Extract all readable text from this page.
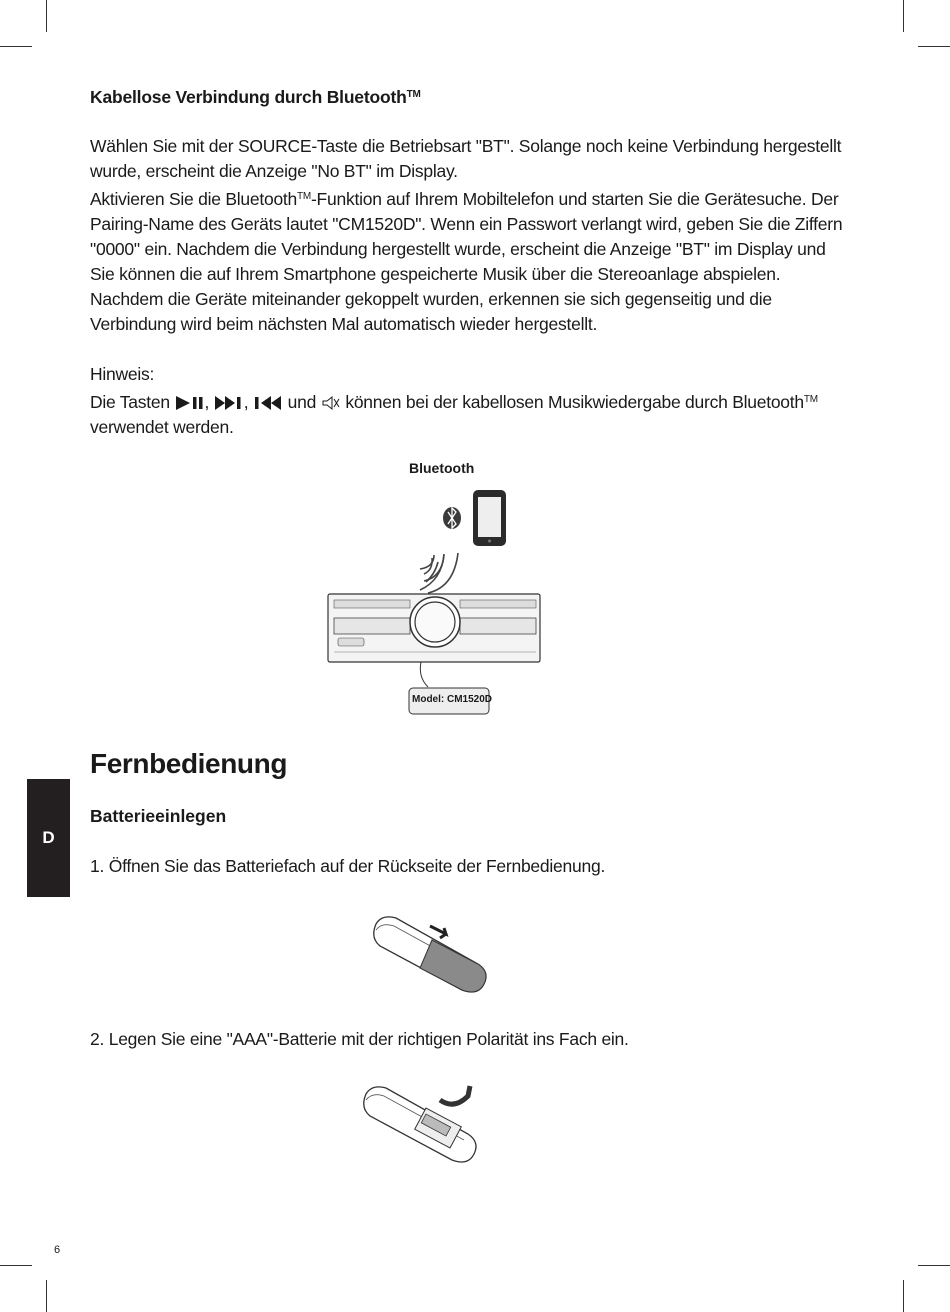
Kabellose Verbindung durch Bluetooth™

Wählen Sie mit der SOURCE-Taste die Betriebsart "BT". Solange noch keine Verbindung hergestellt

wurde, erscheint die Anzeige "No BT" im Display.

Aktivieren Sie die Bluetooth™-Funktion auf Ihrem Mobiltelefon und starten Sie die Gerätesuche. Der

Pairing-Name des Geräts lautet "CM1520D". Wenn ein Passwort verlangt wird, geben Sie die Ziffern

"0000" ein. Nachdem die Verbindung hergestellt wurde, erscheint die Anzeige "BT" im Display und

Sie können die auf Ihrem Smartphone gespeicherte Musik über die Stereoanlage abspielen.

Nachdem die Geräte miteinander gekoppelt wurden, erkennen sie sich gegenseitig und die

Verbindung wird beim nächsten Mal automatisch wieder hergestellt.

Hinweis:

Die Tasten , , und können bei der kabellosen Musikwiedergabe durch Bluetooth™

verwendet werden.

Bluetooth
Model: CM1520D
Fernbedienung
Batterieeinlegen

1. Öffnen Sie das Batteriefach auf der Rückseite der Fernbedienung.

2. Legen Sie eine "AAA"-Batterie mit der richtigen Polarität ins Fach ein.

D
6
